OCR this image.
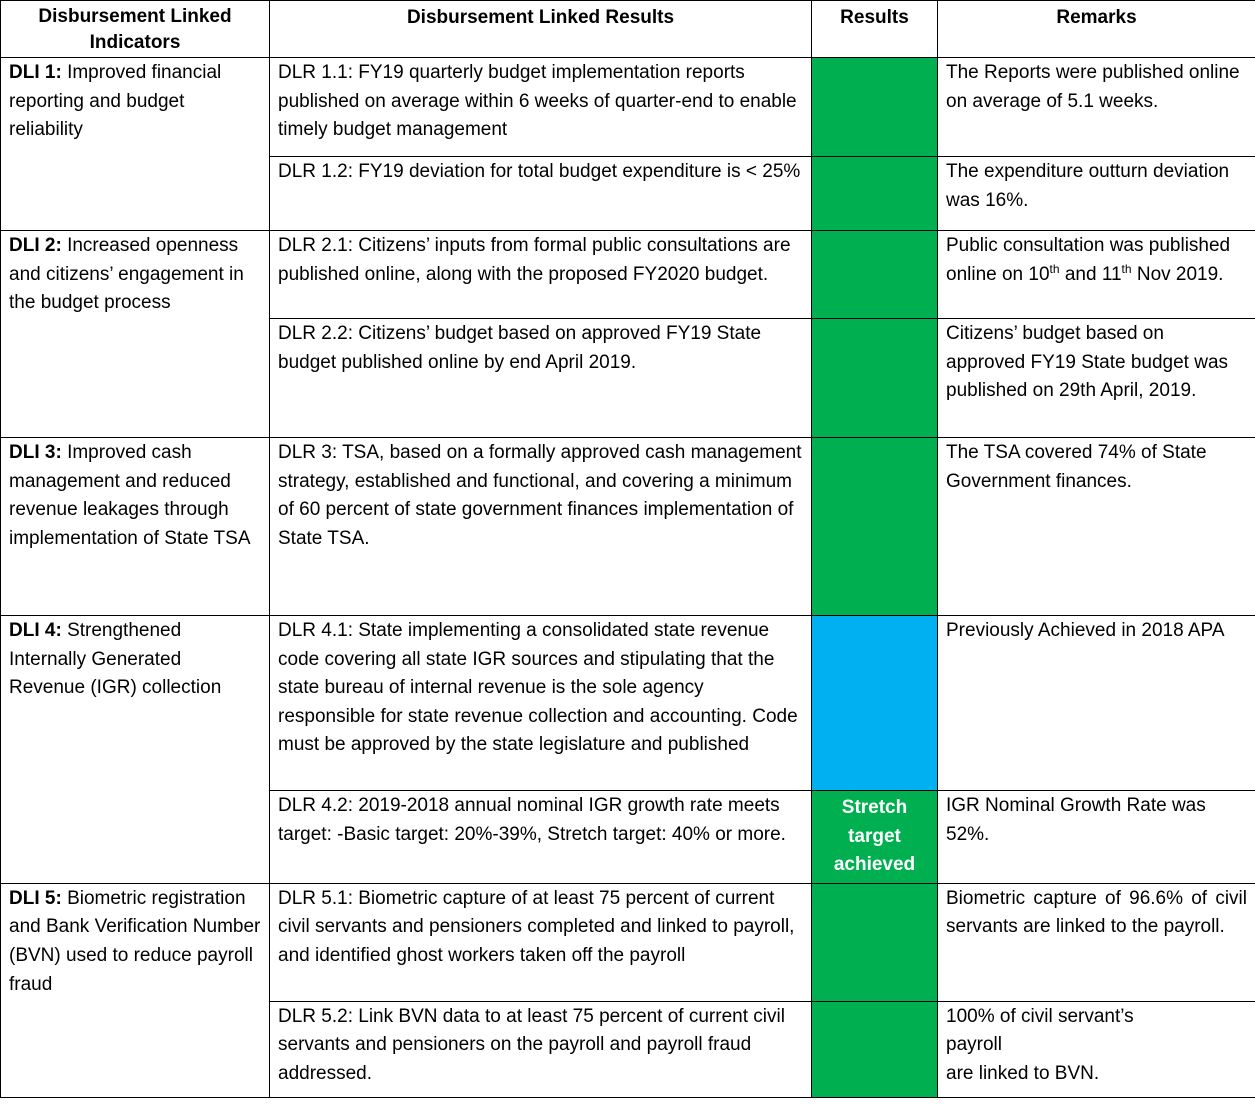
Disbursement Linked Indicators	Disbursement Linked Results	Results	Remarks
DLI 1: Improved financial reporting and budget reliability	DLR 1.1: FY19 quarterly budget implementation reports published on average within 6 weeks of quarter-end to enable timely budget management		The Reports were published online on average of 5.1 weeks.
	DLR 1.2: FY19 deviation for total budget expenditure is < 25%		The expenditure outturn deviation was 16%.
DLI 2: Increased openness and citizens’ engagement in the budget process	DLR 2.1: Citizens’ inputs from formal public consultations are published online, along with the proposed FY2020 budget.		Public consultation was published online on 10th and 11th Nov 2019.
	DLR 2.2: Citizens’ budget based on approved FY19 State budget published online by end April 2019.		Citizens’ budget based on approved FY19 State budget was published on 29th April, 2019.
DLI 3: Improved cash management and reduced revenue leakages through implementation of State TSA	DLR 3: TSA, based on a formally approved cash management strategy, established and functional, and covering a minimum of 60 percent of state government finances implementation of State TSA.		The TSA covered 74% of State Government finances.
DLI 4: Strengthened Internally Generated Revenue (IGR) collection	DLR 4.1: State implementing a consolidated state revenue code covering all state IGR sources and stipulating that the state bureau of internal revenue is the sole agency responsible for state revenue collection and accounting. Code must be approved by the state legislature and published		Previously Achieved in 2018 APA
	DLR 4.2: 2019-2018 annual nominal IGR growth rate meets target: -Basic target: 20%-39%, Stretch target: 40% or more.	Stretch target achieved	IGR Nominal Growth Rate was 52%.
DLI 5: Biometric registration and Bank Verification Number (BVN) used to reduce payroll fraud	DLR 5.1: Biometric capture of at least 75 percent of current civil servants and pensioners completed and linked to payroll, and identified ghost workers taken off the payroll		Biometric capture of 96.6% of civil servants are linked to the payroll.
	DLR 5.2: Link BVN data to at least 75 percent of current civil servants and pensioners on the payroll and payroll fraud addressed.		100% of civil servant’s
payroll
are linked to BVN.
